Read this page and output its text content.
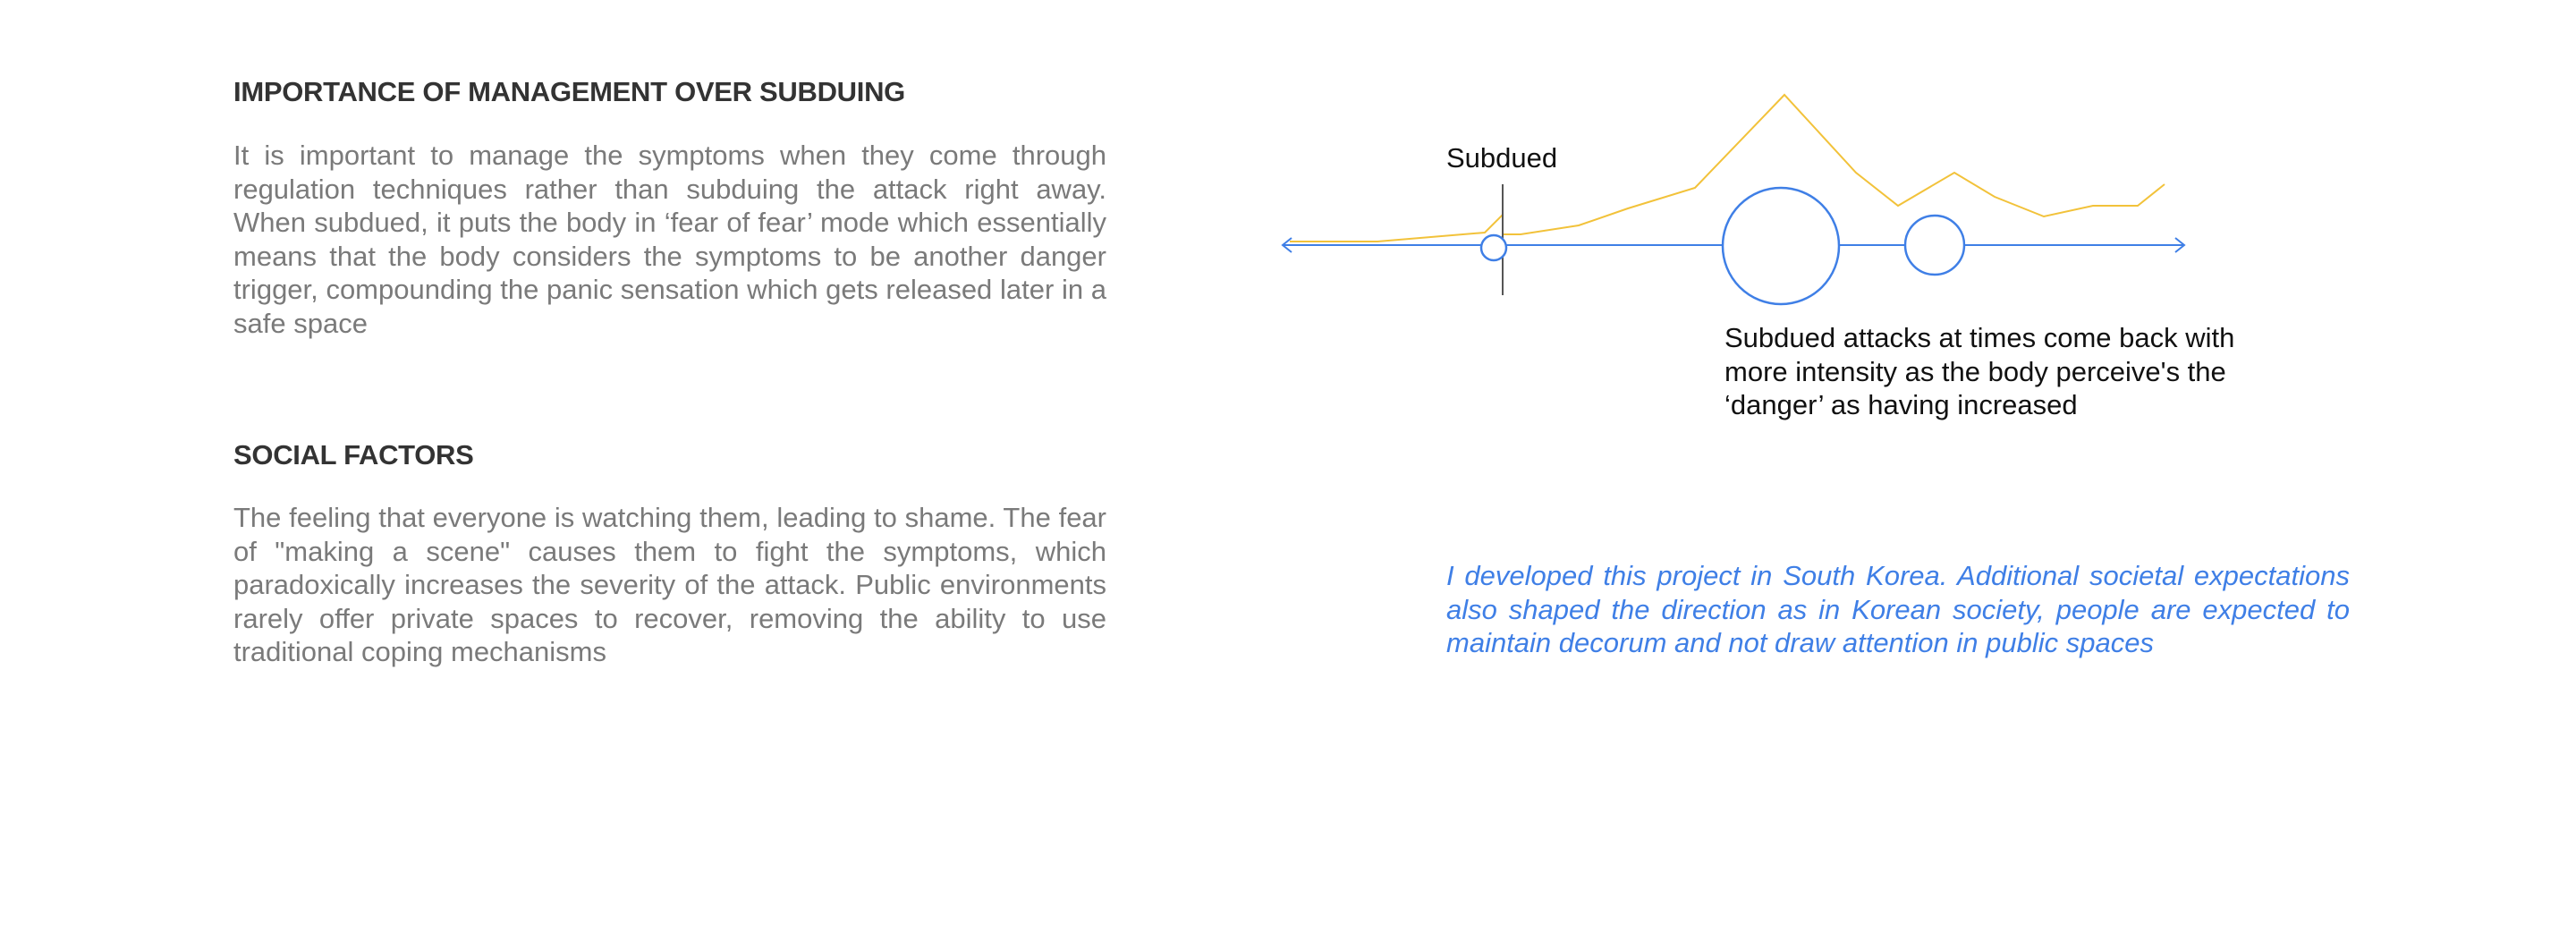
IMPORTANCE OF MANAGEMENT OVER SUBDUING

It is important to manage the symptoms when they come through regulation techniques rather than subduing the attack right away. When subdued, it puts the body in ‘fear of fear’ mode which essentially means that the body considers the symptoms to be another danger trigger, compounding the panic sensation which gets released later in a safe space

SOCIAL FACTORS

The feeling that everyone is watching them, leading to shame. The fear of "making a scene" causes them to fight the symptoms, which paradoxically increases the severity of the attack. Public environments rarely offer private spaces to recover, removing the ability to use traditional coping mechanisms

Subdued

Subdued attacks at times come back with more intensity as the body perceive's the ‘danger’ as having increased

I developed this project in South Korea. Additional societal expectations also shaped the direction as in Korean society, people are expected to maintain decorum and not draw attention in public spaces
